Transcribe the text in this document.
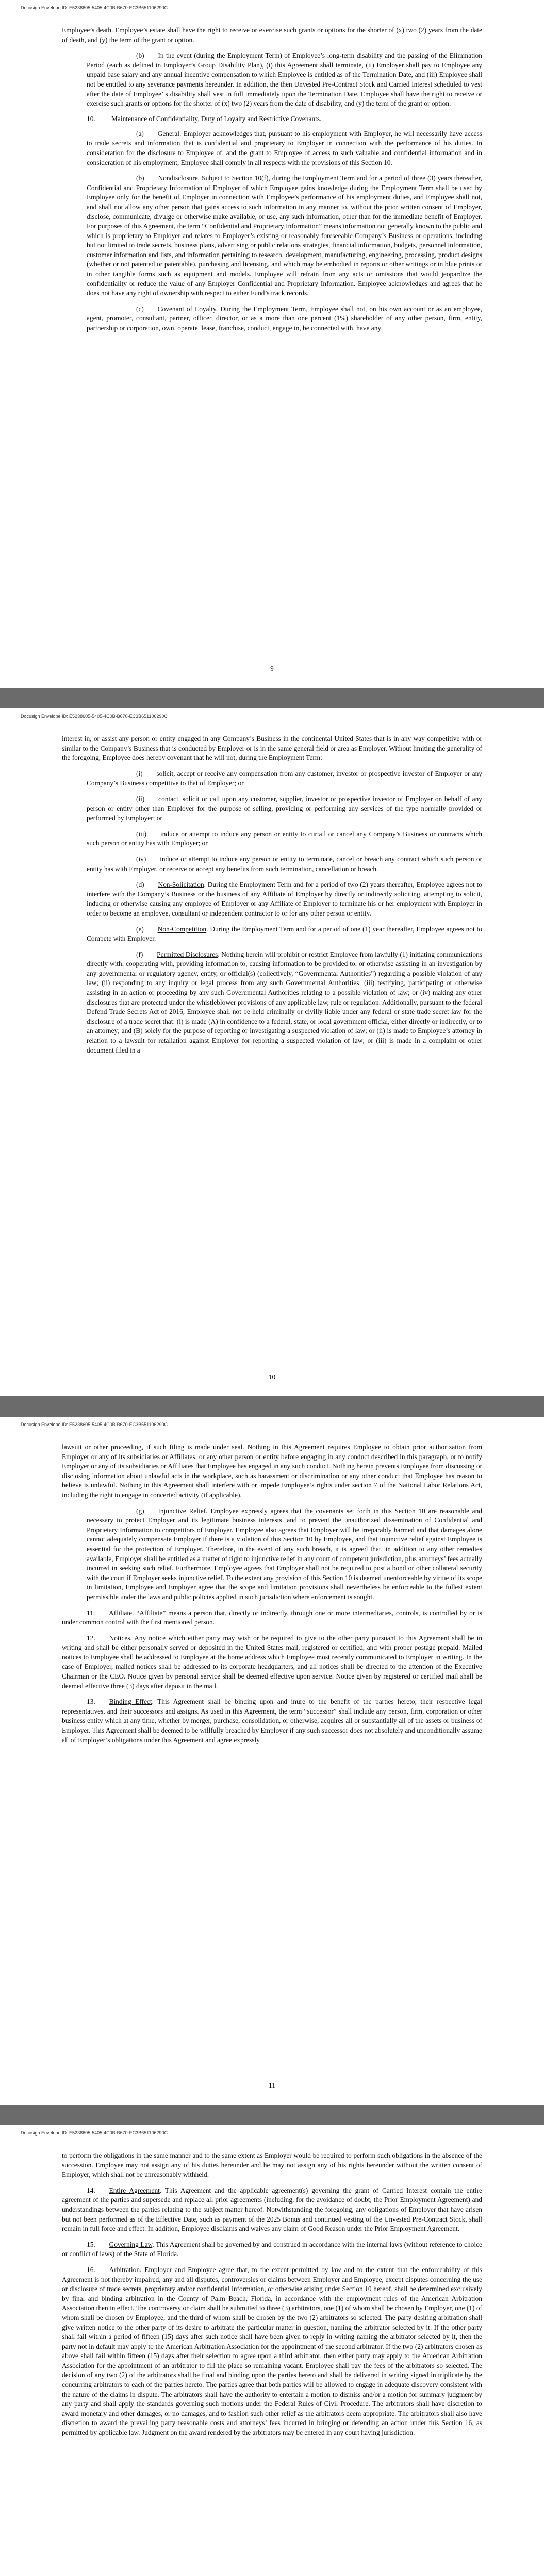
Docusign Envelope ID: E5238605-5405-4C0B-B670-EC3B651106290C

Employee’s death. Employee’s estate shall have the right to receive or exercise such grants or options for the shorter of (x) two (2) years from the date of death, and (y) the term of the grant or option.

(b)   In the event (during the Employment Term) of Employee’s long-term disability and the passing of the Elimination Period (each as defined in Employer’s Group Disability Plan), (i) this Agreement shall terminate, (ii) Employer shall pay to Employee any unpaid base salary and any annual incentive compensation to which Employee is entitled as of the Termination Date, and (iii) Employee shall not be entitled to any severance payments hereunder. In addition, the then Unvested Pre-Contract Stock and Carried Interest scheduled to vest after the date of Employee’ s disability shall vest in full immediately upon the Termination Date. Employee shall have the right to receive or exercise such grants or options for the shorter of (x) two (2) years from the date of disability, and (y) the term of the grant or option.

10. Maintenance of Confidentiality, Duty of Loyalty and Restrictive Covenants.

(a)   General. Employer acknowledges that, pursuant to his employment with Employer, he will necessarily have access to trade secrets and information that is confidential and proprietary to Employer in connection with the performance of his duties. In consideration for the disclosure to Employee of, and the grant to Employee of access to such valuable and confidential information and in consideration of his employment, Employee shall comply in all respects with the provisions of this Section 10.

(b)   Nondisclosure. Subject to Section 10(f), during the Employment Term and for a period of three (3) years thereafter, Confidential and Proprietary Information of Employer of which Employee gains knowledge during the Employment Term shall be used by Employee only for the benefit of Employer in connection with Employee’s performance of his employment duties, and Employee shall not, and shall not allow any other person that gains access to such information in any manner to, without the prior written consent of Employer, disclose, communicate, divulge or otherwise make available, or use, any such information, other than for the immediate benefit of Employer. For purposes of this Agreement, the term “Confidential and Proprietary Information” means information not generally known to the public and which is proprietary to Employer and relates to Employer’s existing or reasonably foreseeable Company’s Business or operations, including but not limited to trade secrets, business plans, advertising or public relations strategies, financial information, budgets, personnel information, customer information and lists, and information pertaining to research, development, manufacturing, engineering, processing, product designs (whether or not patented or patentable), purchasing and licensing, and which may be embodied in reports or other writings or in blue prints or in other tangible forms such as equipment and models. Employee will refrain from any acts or omissions that would jeopardize the confidentiality or reduce the value of any Employer Confidential and Proprietary Information. Employee acknowledges and agrees that he does not have any right of ownership with respect to either Fund’s track records.

(c)   Covenant of Loyalty. During the Employment Term, Employee shall not, on his own account or as an employee, agent, promoter, consultant, partner, officer, director, or as a more than one percent (1%) shareholder of any other person, firm, entity, partnership or corporation, own, operate, lease, franchise, conduct, engage in, be connected with, have any

9
Docusign Envelope ID: E5238605-5405-4C0B-B670-EC3B651106290C

interest in, or assist any person or entity engaged in any Company’s Business in the continental United States that is in any way competitive with or similar to the Company’s Business that is conducted by Employer or is in the same general field or area as Employer. Without limiting the generality of the foregoing, Employee does hereby covenant that he will not, during the Employment Term:

(i)   solicit, accept or receive any compensation from any customer, investor or prospective investor of Employer or any Company’s Business competitive to that of Employer; or

(ii)   contact, solicit or call upon any customer, supplier, investor or prospective investor of Employer on behalf of any person or entity other than Employer for the purpose of selling, providing or performing any services of the type normally provided or performed by Employer; or

(iii)   induce or attempt to induce any person or entity to curtail or cancel any Company’s Business or contracts which such person or entity has with Employer; or

(iv)   induce or attempt to induce any person or entity to terminate, cancel or breach any contract which such person or entity has with Employer, or receive or accept any benefits from such termination, cancellation or breach.

(d)   Non-Solicitation. During the Employment Term and for a period of two (2) years thereafter, Employee agrees not to interfere with the Company’s Business or the business of any Affiliate of Employer by directly or indirectly soliciting, attempting to solicit, inducing or otherwise causing any employee of Employer or any Affiliate of Employer to terminate his or her employment with Employer in order to become an employee, consultant or independent contractor to or for any other person or entity.

(e)   Non-Competition. During the Employment Term and for a period of one (1) year thereafter, Employee agrees not to Compete with Employer.

(f)   Permitted Disclosures. Nothing herein will prohibit or restrict Employee from lawfully (1) initiating communications directly with, cooperating with, providing information to, causing information to be provided to, or otherwise assisting in an investigation by any governmental or regulatory agency, entity, or official(s) (collectively, “Governmental Authorities”) regarding a possible violation of any law; (ii) responding to any inquiry or legal process from any such Governmental Authorities; (iii) testifying, participating or otherwise assisting in an action or proceeding by any such Governmental Authorities relating to a possible violation of law; or (iv) making any other disclosures that are protected under the whistleblower provisions of any applicable law, rule or regulation. Additionally, pursuant to the federal Defend Trade Secrets Act of 2016, Employee shall not be held criminally or civilly liable under any federal or state trade secret law for the disclosure of a trade secret that: (i) is made (A) in confidence to a federal, state, or local government official, either directly or indirectly, or to an attorney; and (B) solely for the purpose of reporting or investigating a suspected violation of law; or (ii) is made to Employee’s attorney in relation to a lawsuit for retaliation against Employer for reporting a suspected violation of law; or (iii) is made in a complaint or other document filed in a

10
Docusign Envelope ID: E5238605-5405-4C0B-B670-EC3B651106290C

lawsuit or other proceeding, if such filing is made under seal. Nothing in this Agreement requires Employee to obtain prior authorization from Employer or any of its subsidiaries or Affiliates, or any other person or entity before engaging in any conduct described in this paragraph, or to notify Employer or any of its subsidiaries or Affiliates that Employee has engaged in any such conduct. Nothing herein prevents Employee from discussing or disclosing information about unlawful acts in the workplace, such as harassment or discrimination or any other conduct that Employee has reason to believe is unlawful. Nothing in this Agreement shall interfere with or impede Employee’s rights under section 7 of the National Labor Relations Act, including the right to engage in concerted activity (if applicable).

(g)   Injunctive Relief. Employee expressly agrees that the covenants set forth in this Section 10 are reasonable and necessary to protect Employer and its legitimate business interests, and to prevent the unauthorized dissemination of Confidential and Proprietary Information to competitors of Employer. Employee also agrees that Employer will be irreparably harmed and that damages alone cannot adequately compensate Employer if there is a violation of this Section 10 by Employee, and that injunctive relief against Employee is essential for the protection of Employer. Therefore, in the event of any such breach, it is agreed that, in addition to any other remedies available, Employer shall be entitled as a matter of right to injunctive relief in any court of competent jurisdiction, plus attorneys’ fees actually incurred in seeking such relief. Furthermore, Employee agrees that Employer shall not be required to post a bond or other collateral security with the court if Employer seeks injunctive relief. To the extent any provision of this Section 10 is deemed unenforceable by virtue of its scope in limitation, Employee and Employer agree that the scope and limitation provisions shall nevertheless be enforceable to the fullest extent permissible under the laws and public policies applied in such jurisdiction where enforcement is sought.

11.   Affiliate. “Affiliate” means a person that, directly or indirectly, through one or more intermediaries, controls, is controlled by or is under common control with the first mentioned person.

12.   Notices. Any notice which either party may wish or be required to give to the other party pursuant to this Agreement shall be in writing and shall be either personally served or deposited in the United States mail, registered or certified, and with proper postage prepaid. Mailed notices to Employee shall be addressed to Employee at the home address which Employee most recently communicated to Employer in writing. In the case of Employer, mailed notices shall be addressed to its corporate headquarters, and all notices shall be directed to the attention of the Executive Chairman or the CEO. Notice given by personal service shall be deemed effective upon service. Notice given by registered or certified mail shall be deemed effective three (3) days after deposit in the mail.

13.   Binding Effect. This Agreement shall be binding upon and inure to the benefit of the parties hereto, their respective legal representatives, and their successors and assigns. As used in this Agreement, the term “successor” shall include any person, firm, corporation or other business entity which at any time, whether by merger, purchase, consolidation, or otherwise, acquires all or substantially all of the assets or business of Employer. This Agreement shall be deemed to be willfully breached by Employer if any such successor does not absolutely and unconditionally assume all of Employer’s obligations under this Agreement and agree expressly

11
Docusign Envelope ID: E5238605-5405-4C0B-B670-EC3B651106290C

to perform the obligations in the same manner and to the same extent as Employer would be required to perform such obligations in the absence of the succession. Employee may not assign any of his duties hereunder and he may not assign any of his rights hereunder without the written consent of Employer, which shall not be unreasonably withheld.

14.   Entire Agreement. This Agreement and the applicable agreement(s) governing the grant of Carried Interest contain the entire agreement of the parties and supersede and replace all prior agreements (including, for the avoidance of doubt, the Prior Employment Agreement) and understandings between the parties relating to the subject matter hereof. Notwithstanding the foregoing, any obligations of Employer that have arisen but not been performed as of the Effective Date, such as payment of the 2025 Bonus and continued vesting of the Unvested Pre-Contract Stock, shall remain in full force and effect. In addition, Employee disclaims and waives any claim of Good Reason under the Prior Employment Agreement.

15.   Governing Law. This Agreement shall be governed by and construed in accordance with the internal laws (without reference to choice or conflict of laws) of the State of Florida.

16.   Arbitration. Employer and Employee agree that, to the extent permitted by law and to the extent that the enforceability of this Agreement is not thereby impaired, any and all disputes, controversies or claims between Employer and Employee, except disputes concerning the use or disclosure of trade secrets, proprietary and/or confidential information, or otherwise arising under Section 10 hereof, shall be determined exclusively by final and binding arbitration in the County of Palm Beach, Florida, in accordance with the employment rules of the American Arbitration Association then in effect. The controversy or claim shall be submitted to three (3) arbitrators, one (1) of whom shall be chosen by Employer, one (1) of whom shall be chosen by Employee, and the third of whom shall be chosen by the two (2) arbitrators so selected. The party desiring arbitration shall give written notice to the other party of its desire to arbitrate the particular matter in question, naming the arbitrator selected by it. If the other party shall fail within a period of fifteen (15) days after such notice shall have been given to reply in writing naming the arbitrator selected by it, then the party not in default may apply to the American Arbitration Association for the appointment of the second arbitrator. If the two (2) arbitrators chosen as above shall fail within fifteen (15) days after their selection to agree upon a third arbitrator, then either party may apply to the American Arbitration Association for the appointment of an arbitrator to fill the place so remaining vacant. Employee shall pay the fees of the arbitrators so selected. The decision of any two (2) of the arbitrators shall be final and binding upon the parties hereto and shall be delivered in writing signed in triplicate by the concurring arbitrators to each of the parties hereto. The parties agree that both parties will be allowed to engage in adequate discovery consistent with the nature of the claims in dispute. The arbitrators shall have the authority to entertain a motion to dismiss and/or a motion for summary judgment by any party and shall apply the standards governing such motions under the Federal Rules of Civil Procedure. The arbitrators shall have discretion to award monetary and other damages, or no damages, and to fashion such other relief as the arbitrators deem appropriate. The arbitrators shall also have discretion to award the prevailing party reasonable costs and attorneys’ fees incurred in bringing or defending an action under this Section 16, as permitted by applicable law. Judgment on the award rendered by the arbitrators may be entered in any court having jurisdiction.
